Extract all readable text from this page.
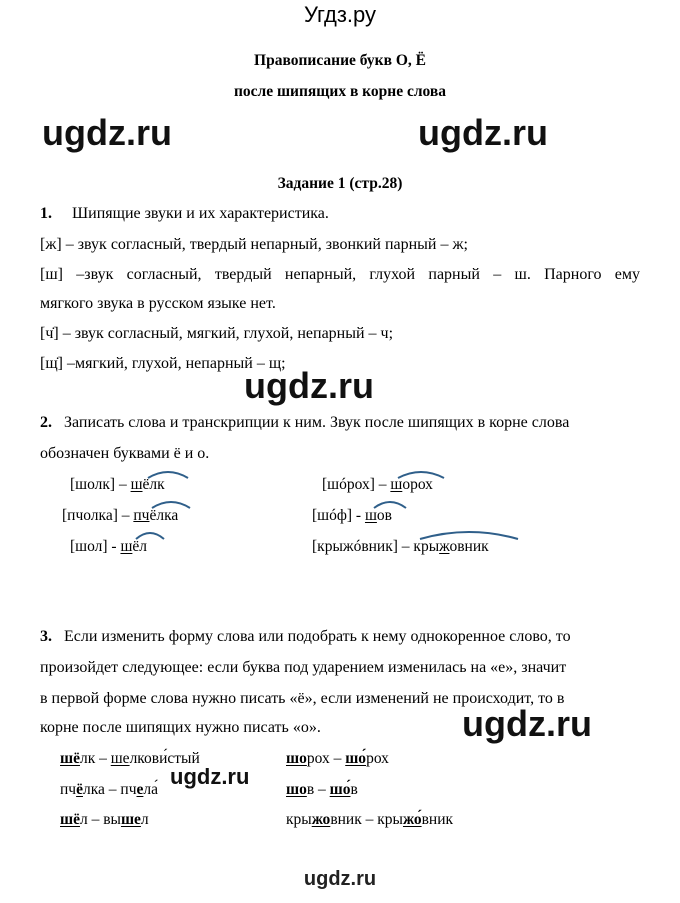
Угдз.ру
Правописание букв О, Ё
после шипящих в корне слова
ugdz.ru	ugdz.ru
Задание 1 (стр.28)
1. Шипящие звуки и их характеристика.
[ж] – звук согласный, твердый непарный, звонкий парный – ж;
[ш] –звук согласный, твердый непарный, глухой парный – ш. Парного ему
мягкого звука в русском языке нет.
[ч̇] – звук согласный, мягкий, глухой, непарный – ч;
[щ̇] –мягкий, глухой, непарный – щ;
ugdz.ru
2. Записать слова и транскрипции к ним. Звук после шипящих в корне слова
обозначен буквами ё и о.
[шолк] – шёлк
[пчолка] – пчёлка
[шол] - шёл
[шóрох] – шорох
[шóф] - шов
[крыжóвник] – крыжовник
3. Если изменить форму слова или подобрать к нему однокоренное слово, то
произойдет следующее: если буква под ударением изменилась на «е», значит
в первой форме слова нужно писать «ё», если изменений не происходит, то в
корне после шипящих нужно писать «о».	ugdz.ru
шёлк – шелкови́стый
пчёлка – пчела́
шёл – вышел
ugdz.ru
шорох – шо́рох
шов – шо́в
крыжовник – крыжо́вник
ugdz.ru
